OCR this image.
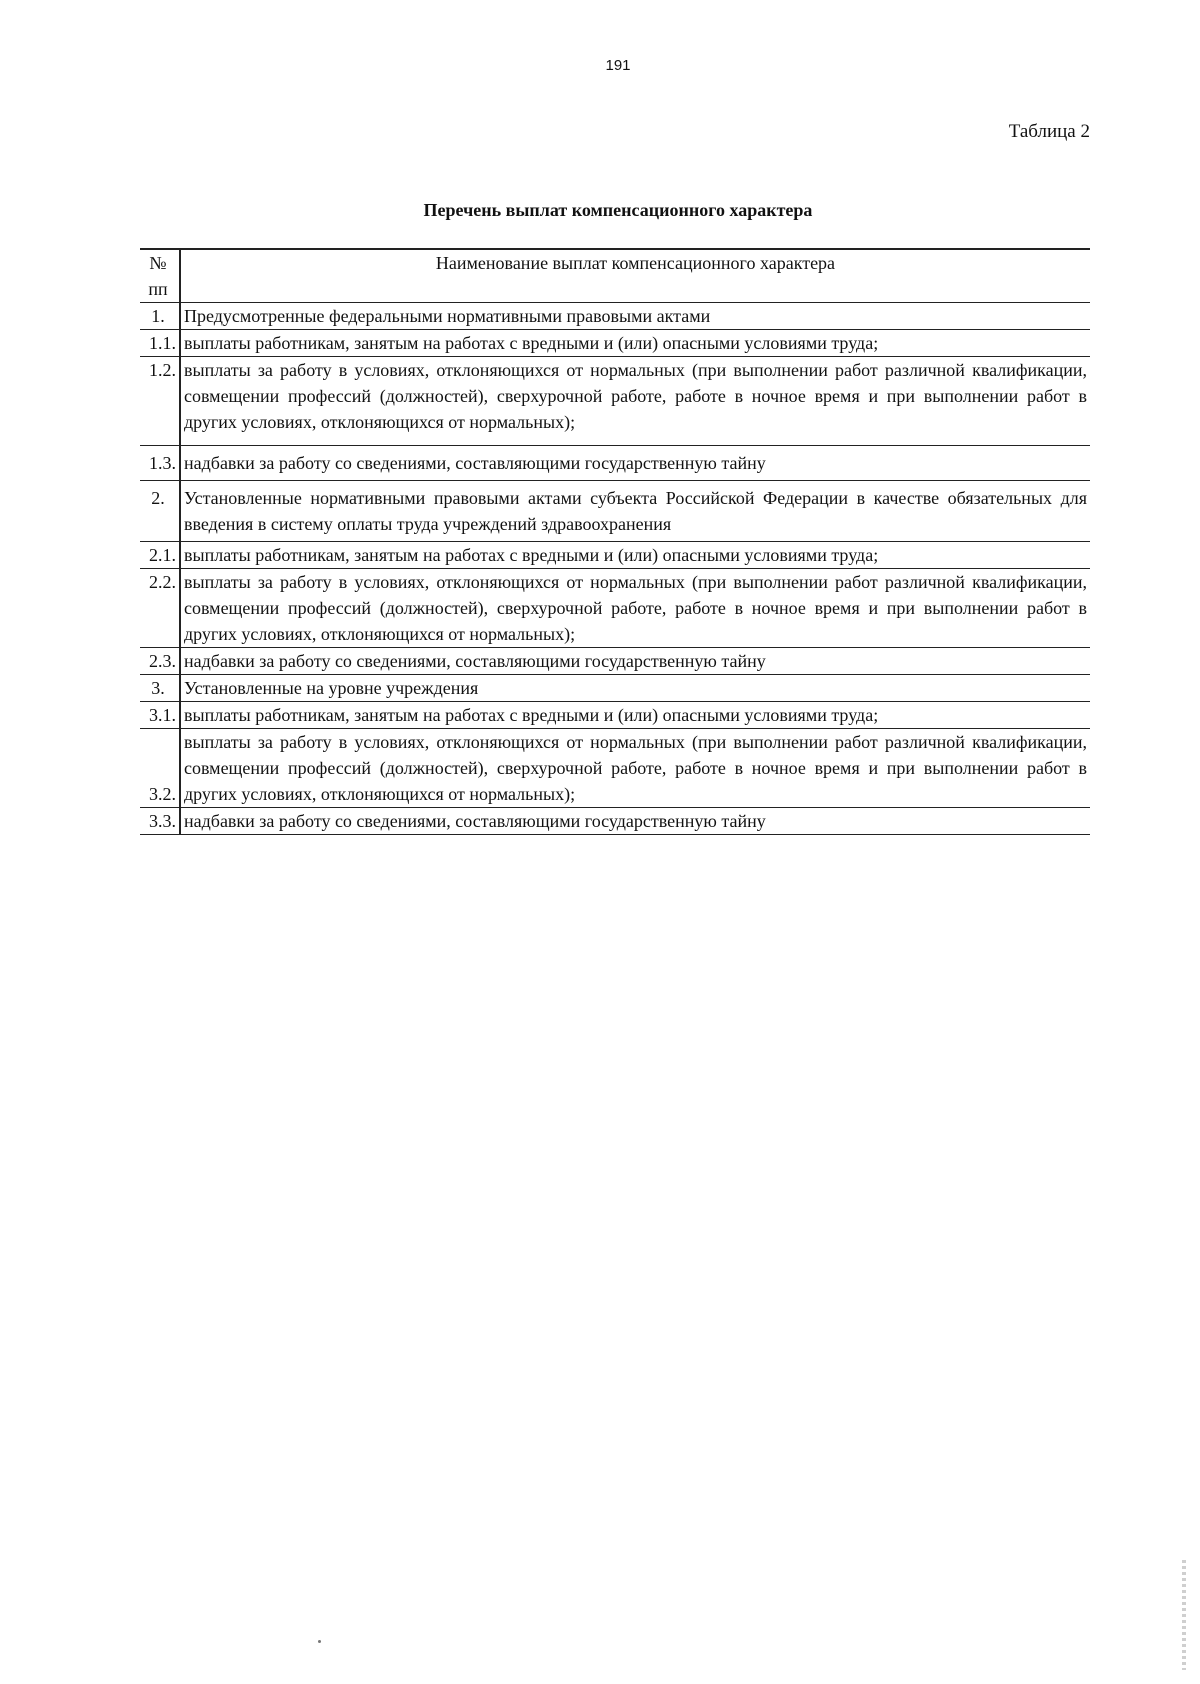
191
Таблица 2
Перечень выплат компенсационного характера
№ пп	Наименование выплат компенсационного характера
1.	Предусмотренные федеральными нормативными правовыми актами
1.1.	выплаты работникам, занятым на работах с вредными и (или) опасными условиями труда;
1.2.	выплаты за работу в условиях, отклоняющихся от нормальных (при выполнении работ различной квалификации, совмещении профессий (должностей), сверхурочной работе, работе в ночное время и при выполнении работ в других условиях, отклоняющихся от нормальных);
1.3.	надбавки за работу со сведениями, составляющими государственную тайну
2.	Установленные нормативными правовыми актами субъекта Российской Федерации в качестве обязательных для введения в систему оплаты труда учреждений здравоохранения
2.1.	выплаты работникам, занятым на работах с вредными и (или) опасными условиями труда;
2.2.	выплаты за работу в условиях, отклоняющихся от нормальных (при выполнении работ различной квалификации, совмещении профессий (должностей), сверхурочной работе, работе в ночное время и при выполнении работ в других условиях, отклоняющихся от нормальных);
2.3.	надбавки за работу со сведениями, составляющими государственную тайну
3.	Установленные на уровне учреждения
3.1.	выплаты работникам, занятым на работах с вредными и (или) опасными условиями труда;
3.2.	выплаты за работу в условиях, отклоняющихся от нормальных (при выполнении работ различной квалификации, совмещении профессий (должностей), сверхурочной работе, работе в ночное время и при выполнении работ в других условиях, отклоняющихся от нормальных);
3.3.	надбавки за работу со сведениями, составляющими государственную тайну
